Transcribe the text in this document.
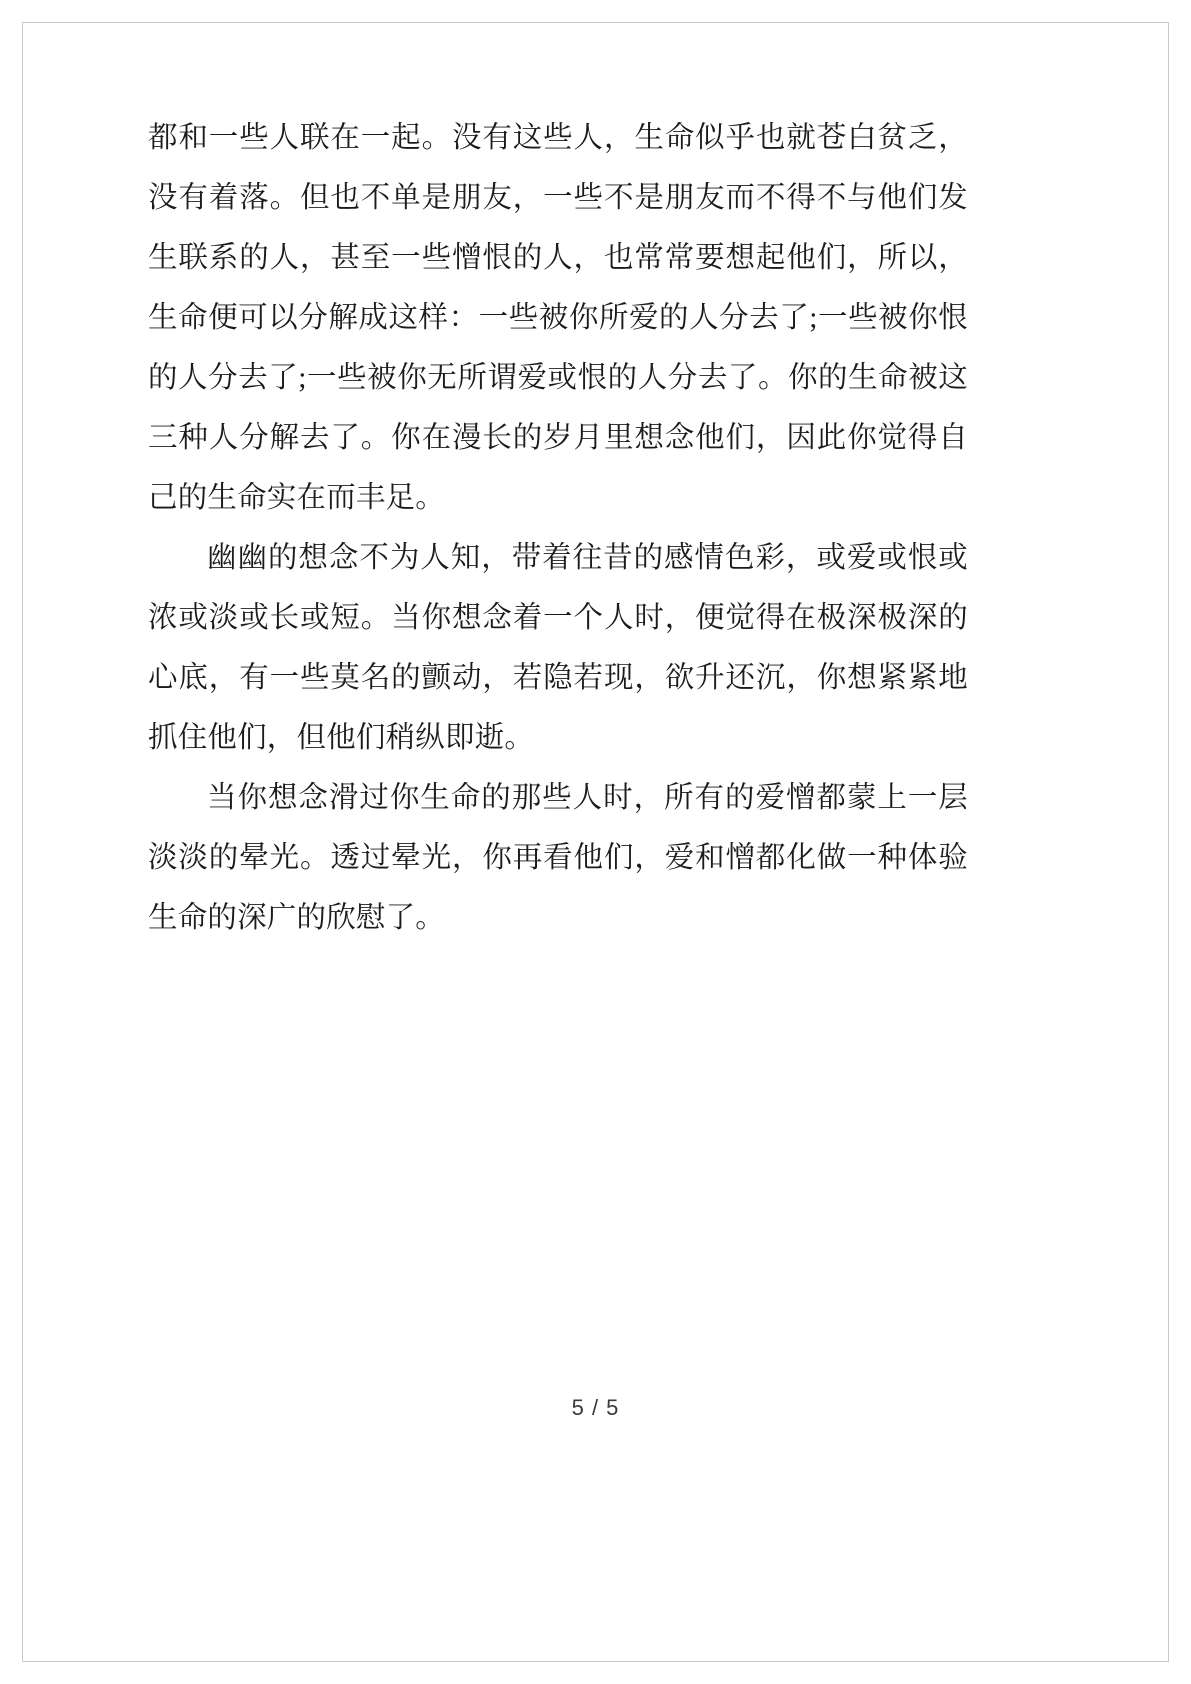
都和一些人联在一起。没有这些人，生命似乎也就苍白贫乏，没有着落。但也不单是朋友，一些不是朋友而不得不与他们发生联系的人，甚至一些憎恨的人，也常常要想起他们，所以，生命便可以分解成这样：一些被你所爱的人分去了;一些被你恨的人分去了;一些被你无所谓爱或恨的人分去了。你的生命被这三种人分解去了。你在漫长的岁月里想念他们，因此你觉得自己的生命实在而丰足。

幽幽的想念不为人知，带着往昔的感情色彩，或爱或恨或浓或淡或长或短。当你想念着一个人时，便觉得在极深极深的心底，有一些莫名的颤动，若隐若现，欲升还沉，你想紧紧地抓住他们，但他们稍纵即逝。

当你想念滑过你生命的那些人时，所有的爱憎都蒙上一层淡淡的晕光。透过晕光，你再看他们，爱和憎都化做一种体验生命的深广的欣慰了。

5 / 5
